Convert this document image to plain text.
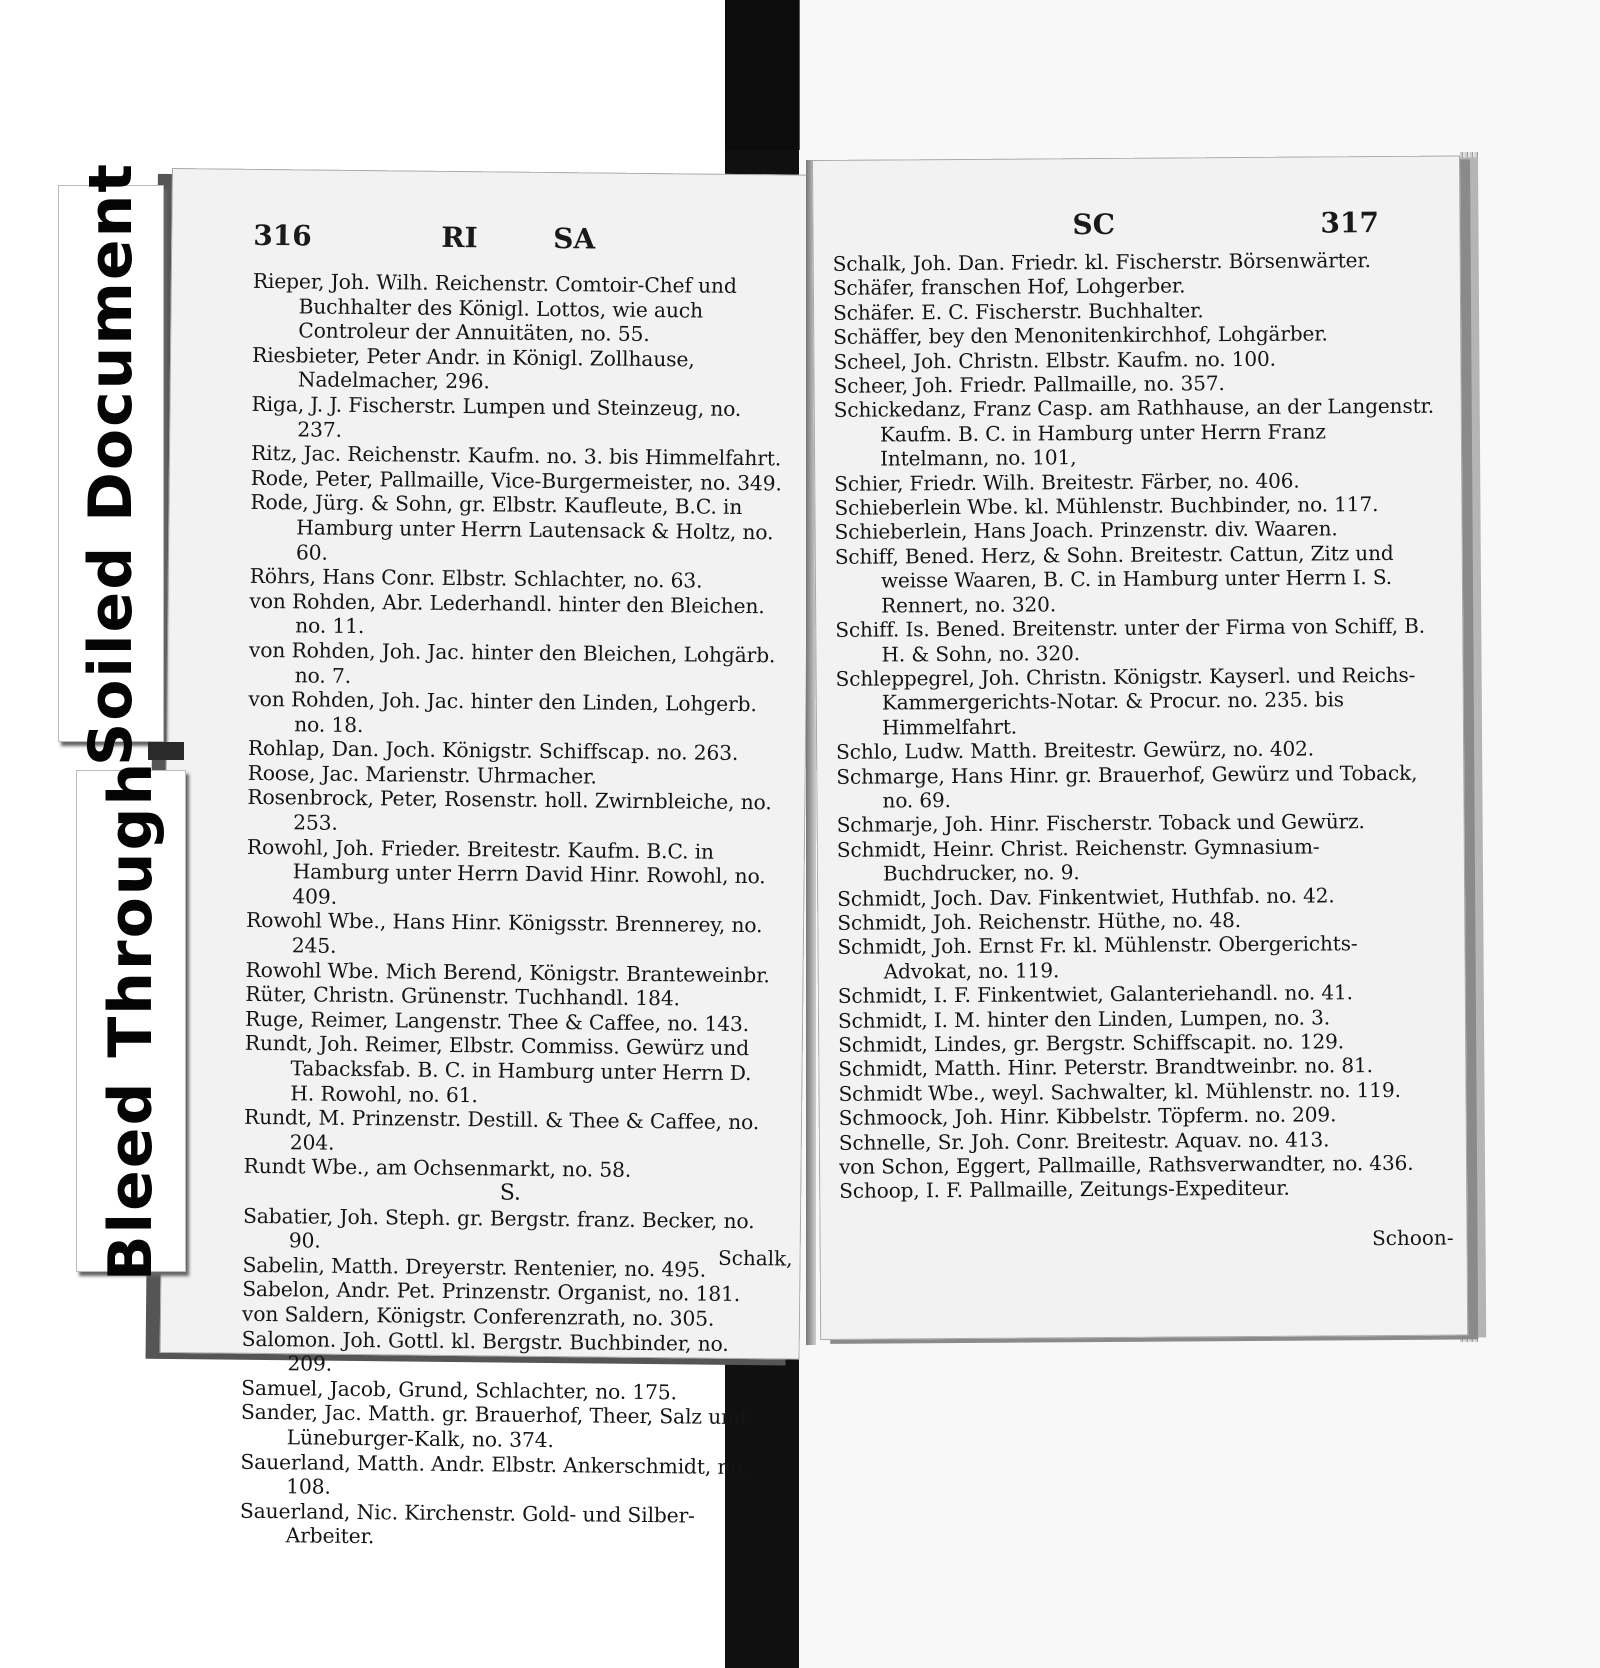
316	RI	SA
Rieper, Joh. Wilh. Reichenstr. Comtoir-Chef und Buchhalter des Königl. Lottos, wie auch Controleur der Annuitäten, no. 55.
Riesbieter, Peter Andr. in Königl. Zollhause, Nadelmacher, 296.
Riga, J. J. Fischerstr. Lumpen und Steinzeug, no. 237.
Ritz, Jac. Reichenstr. Kaufm. no. 3. bis Himmelfahrt.
Rode, Peter, Pallmaille, Vice-Burgermeister, no. 349.
Rode, Jürg. & Sohn, gr. Elbstr. Kaufleute, B.C. in Hamburg unter Herrn Lautensack & Holtz, no. 60.
Röhrs, Hans Conr. Elbstr. Schlachter, no. 63.
von Rohden, Abr. Lederhandl. hinter den Bleichen. no. 11.
von Rohden, Joh. Jac. hinter den Bleichen, Lohgärb. no. 7.
von Rohden, Joh. Jac. hinter den Linden, Lohgerb. no. 18.
Rohlap, Dan. Joch. Königstr. Schiffscap. no. 263.
Roose, Jac. Marienstr. Uhrmacher.
Rosenbrock, Peter, Rosenstr. holl. Zwirnbleiche, no. 253.
Rowohl, Joh. Frieder. Breitestr. Kaufm. B.C. in Hamburg unter Herrn David Hinr. Rowohl, no. 409.
Rowohl Wbe., Hans Hinr. Königsstr. Brennerey, no. 245.
Rowohl Wbe. Mich Berend, Königstr. Branteweinbr.
Rüter, Christn. Grünenstr. Tuchhandl. 184.
Ruge, Reimer, Langenstr. Thee & Caffee, no. 143.
Rundt, Joh. Reimer, Elbstr. Commiss. Gewürz und Tabacksfab. B. C. in Hamburg unter Herrn D. H. Rowohl, no. 61.
Rundt, M. Prinzenstr. Destill. & Thee & Caffee, no. 204.
Rundt Wbe., am Ochsenmarkt, no. 58.
S.
Sabatier, Joh. Steph. gr. Bergstr. franz. Becker, no. 90.
Sabelin, Matth. Dreyerstr. Rentenier, no. 495.
Sabelon, Andr. Pet. Prinzenstr. Organist, no. 181.
von Saldern, Königstr. Conferenzrath, no. 305.
Salomon. Joh. Gottl. kl. Bergstr. Buchbinder, no. 209.
Samuel, Jacob, Grund, Schlachter, no. 175.
Sander, Jac. Matth. gr. Brauerhof, Theer, Salz und Lüneburger-Kalk, no. 374.
Sauerland, Matth. Andr. Elbstr. Ankerschmidt, no. 108.
Sauerland, Nic. Kirchenstr. Gold- und Silber-Arbeiter.
Schalk,
SC	317
Schalk, Joh. Dan. Friedr. kl. Fischerstr. Börsenwärter.
Schäfer, franschen Hof, Lohgerber.
Schäfer. E. C. Fischerstr. Buchhalter.
Schäffer, bey den Menonitenkirchhof, Lohgärber.
Scheel, Joh. Christn. Elbstr. Kaufm. no. 100.
Scheer, Joh. Friedr. Pallmaille, no. 357.
Schickedanz, Franz Casp. am Rathhause, an der Langenstr. Kaufm. B. C. in Hamburg unter Herrn Franz Intelmann, no. 101,
Schier, Friedr. Wilh. Breitestr. Färber, no. 406.
Schieberlein Wbe. kl. Mühlenstr. Buchbinder, no. 117.
Schieberlein, Hans Joach. Prinzenstr. div. Waaren.
Schiff, Bened. Herz, & Sohn. Breitestr. Cattun, Zitz und weisse Waaren, B. C. in Hamburg unter Herrn I. S. Rennert, no. 320.
Schiff. Is. Bened. Breitenstr. unter der Firma von Schiff, B. H. & Sohn, no. 320.
Schleppegrel, Joh. Christn. Königstr. Kayserl. und Reichs-Kammergerichts-Notar. & Procur. no. 235. bis Himmelfahrt.
Schlo, Ludw. Matth. Breitestr. Gewürz, no. 402.
Schmarge, Hans Hinr. gr. Brauerhof, Gewürz und Toback, no. 69.
Schmarje, Joh. Hinr. Fischerstr. Toback und Gewürz.
Schmidt, Heinr. Christ. Reichenstr. Gymnasium-Buchdrucker, no. 9.
Schmidt, Joch. Dav. Finkentwiet, Huthfab. no. 42.
Schmidt, Joh. Reichenstr. Hüthe, no. 48.
Schmidt, Joh. Ernst Fr. kl. Mühlenstr. Obergerichts-Advokat, no. 119.
Schmidt, I. F. Finkentwiet, Galanteriehandl. no. 41.
Schmidt, I. M. hinter den Linden, Lumpen, no. 3.
Schmidt, Lindes, gr. Bergstr. Schiffscapit. no. 129.
Schmidt, Matth. Hinr. Peterstr. Brandtweinbr. no. 81.
Schmidt Wbe., weyl. Sachwalter, kl. Mühlenstr. no. 119.
Schmoock, Joh. Hinr. Kibbelstr. Töpferm. no. 209.
Schnelle, Sr. Joh. Conr. Breitestr. Aquav. no. 413.
von Schon, Eggert, Pallmaille, Rathsverwandter, no. 436.
Schoop, I. F. Pallmaille, Zeitungs-Expediteur.
Schoon-
Soiled Document
Bleed Through
